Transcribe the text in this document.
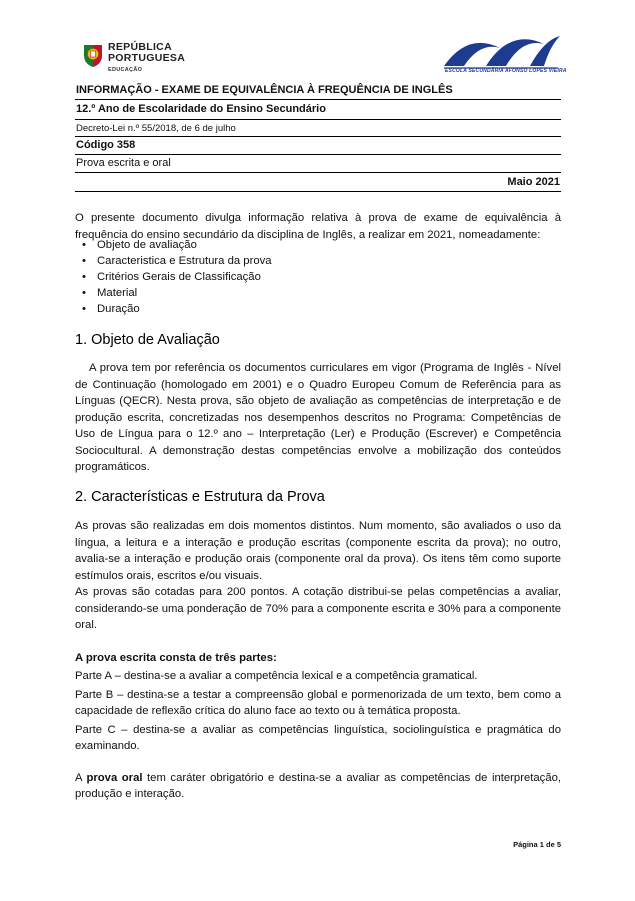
REPÚBLICA
PORTUGUESA
EDUCAÇÃO	ESCOLA SECUNDÁRIA AFONSO LOPES VIEIRA
INFORMAÇÃO - EXAME DE EQUIVALÊNCIA À FREQUÊNCIA DE INGLÊS
12.º Ano de Escolaridade do Ensino Secundário
Decreto-Lei n.º 55/2018, de 6 de julho
Código 358
Prova escrita e oral
Maio 2021

O presente documento divulga informação relativa à prova de exame de equivalência à frequência do ensino secundário da disciplina de Inglês, a realizar em 2021, nomeadamente:

• Objeto de avaliação
• Caracteristica e Estrutura da prova
• Critérios Gerais de Classificação
• Material
• Duração
1. Objeto de Avaliação

A prova tem por referência os documentos curriculares em vigor (Programa de Inglês - Nível de Continuação (homologado em 2001) e o Quadro Europeu Comum de Referência para as Línguas (QECR). Nesta prova, são objeto de avaliação as competências de interpretação e de produção escrita, concretizadas nos desempenhos descritos no Programa: Competências de Uso de Língua para o 12.º ano – Interpretação (Ler) e Produção (Escrever) e Competência Sociocultural. A demonstração destas competências envolve a mobilização dos conteúdos programáticos.

2. Características e Estrutura da Prova

As provas são realizadas em dois momentos distintos. Num momento, são avaliados o uso da língua, a leitura e a interação e produção escritas (componente escrita da prova); no outro, avalia-se a interação e produção orais (componente oral da prova). Os itens têm como suporte estímulos orais, escritos e/ou visuais.

As provas são cotadas para 200 pontos. A cotação distribui-se pelas competências a avaliar, considerando-se uma ponderação de 70% para a componente escrita e 30% para a componente oral.

A prova escrita consta de três partes:

Parte A – destina-se a avaliar a competência lexical e a competência gramatical.

Parte B – destina-se a testar a compreensão global e pormenorizada de um texto, bem como a capacidade de reflexão crítica do aluno face ao texto ou à temática proposta.

Parte C – destina-se a avaliar as competências linguística, sociolinguística e pragmática do examinando.

A prova oral tem caráter obrigatório e destina-se a avaliar as competências de interpretação, produção e interação.

Página 1 de 5
